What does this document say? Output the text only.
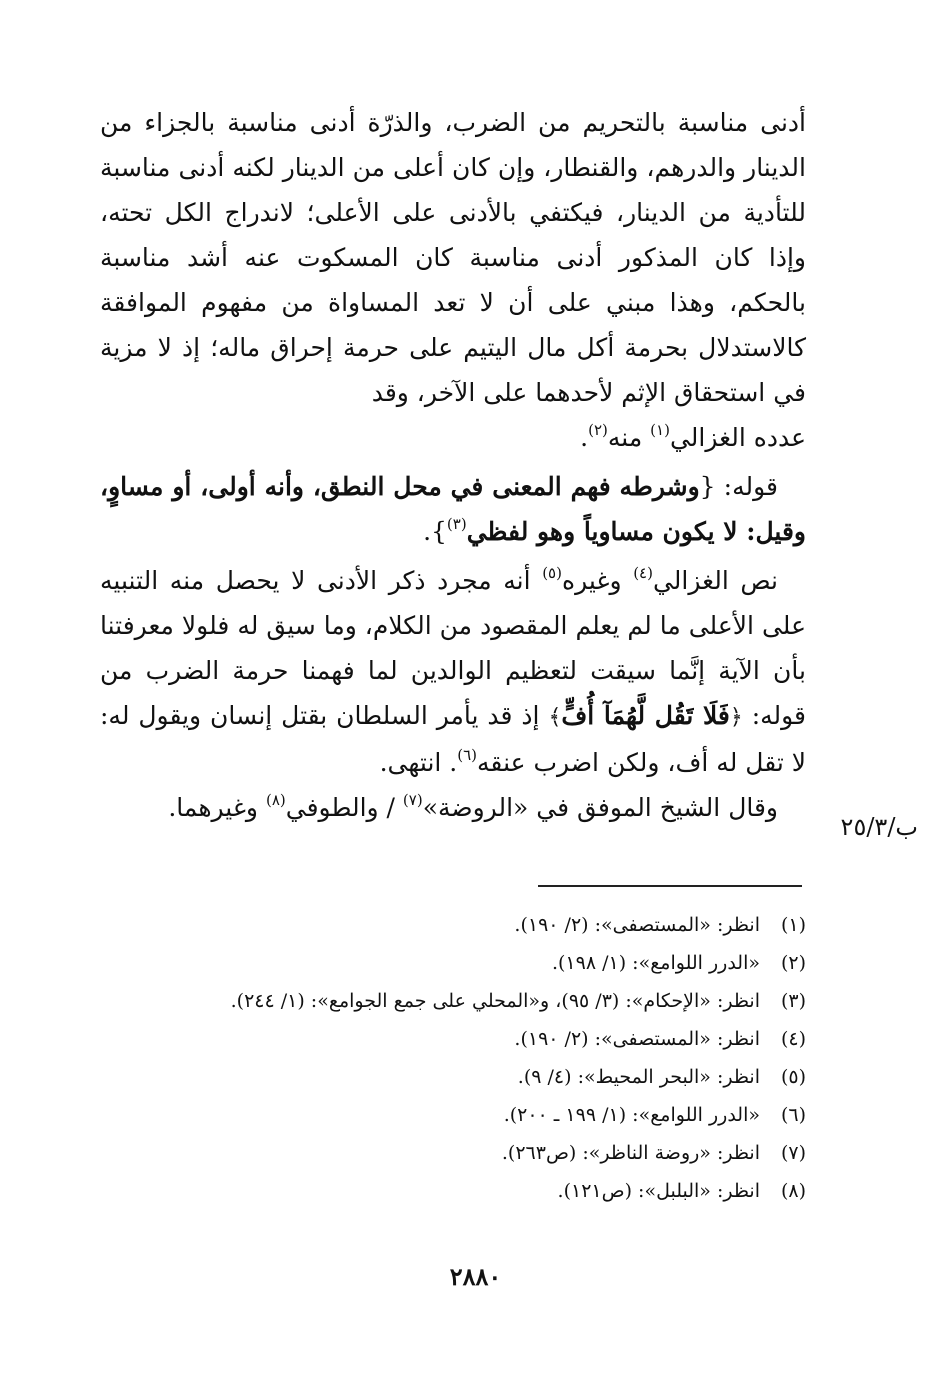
أدنى مناسبة بالتحريم من الضرب، والذرّة أدنى مناسبة بالجزاء من الدينار والدرهم، والقنطار، وإن كان أعلى من الدينار لكنه أدنى مناسبة للتأدية من الدينار، فيكتفي بالأدنى على الأعلى؛ لاندراج الكل تحته، وإذا كان المذكور أدنى مناسبة كان المسكوت عنه أشد مناسبة بالحكم، وهذا مبني على أن لا تعد المساواة من مفهوم الموافقة كالاستدلال بحرمة أكل مال اليتيم على حرمة إحراق ماله؛ إذ لا مزية في استحقاق الإثم لأحدهما على الآخر، وقد
عدده الغزالي$^{(١)}$ منه$^{(٢)}$.

قوله: {وشرطه فهم المعنى في محل النطق، وأنه أولى، أو مساوٍ، وقيل: لا يكون مساوياً وهو لفظي$^{(٣)}$}.

نص الغزالي$^{(٤)}$ وغيره$^{(٥)}$ أنه مجرد ذكر الأدنى لا يحصل منه التنبيه على الأعلى ما لم يعلم المقصود من الكلام، وما سيق له فلولا معرفتنا بأن الآية إنَّما سيقت لتعظيم الوالدين لما فهمنا حرمة الضرب من قوله: ﴿فَلَا تَقُل لَّهُمَآ أُفٍّ﴾ إذ قد يأمر السلطان بقتل إنسان ويقول له: لا تقل له أف، ولكن اضرب عنقه$^{(٦)}$. انتهى.

وقال الشيخ الموفق في «الروضة»$^{(٧)}$ / والطوفي$^{(٨)}$ وغيرهما.

ب/٢٥/٣
(١)
انظر: «المستصفى»: (٢/ ١٩٠).
(٢)
«الدرر اللوامع»: (١/ ١٩٨).
(٣)
انظر: «الإحكام»: (٣/ ٩٥)، و«المحلي على جمع الجوامع»: (١/ ٢٤٤).
(٤)
انظر: «المستصفى»: (٢/ ١٩٠).
(٥)
انظر: «البحر المحيط»: (٤/ ٩).
(٦)
«الدرر اللوامع»: (١/ ١٩٩ ـ ٢٠٠).
(٧)
انظر: «روضة الناظر»: (ص٢٦٣).
(٨)
انظر: «البلبل»: (ص١٢١).
٢٨٨٠
